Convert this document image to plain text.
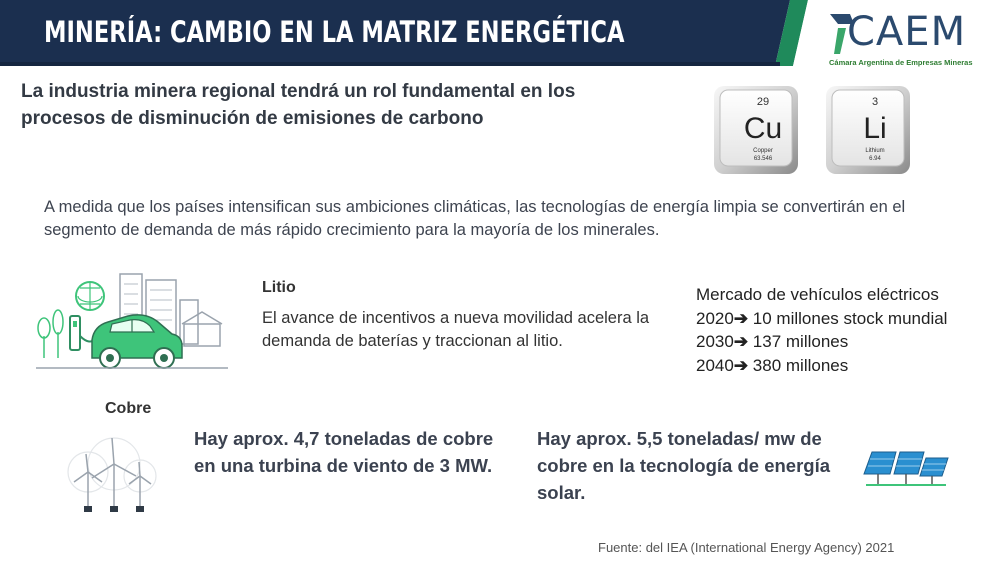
MINERÍA: CAMBIO EN LA MATRIZ ENERGÉTICA	CAEM
Cámara Argentina de Empresas Mineras
La industria minera regional tendrá un rol fundamental en los procesos de disminución de emisiones de carbono
29
Cu
Copper
63.546
3
Li
Lithium
6.94
A medida que los países intensifican sus ambiciones climáticas, las tecnologías de energía limpia se convertirán en el segmento de demanda de más rápido crecimiento para la mayoría de los minerales.
Litio
El avance de incentivos a nueva movilidad acelera la demanda de baterías y traccionan al litio.
Mercado de vehículos eléctricos
2020➔ 10 millones stock mundial
2030➔ 137 millones
2040➔ 380 millones
Cobre
Hay aprox. 4,7 toneladas de cobre en una turbina de viento de 3 MW.
Hay aprox. 5,5 toneladas/ mw de cobre en la tecnología de energía solar.
Fuente: del IEA (International Energy Agency) 2021
